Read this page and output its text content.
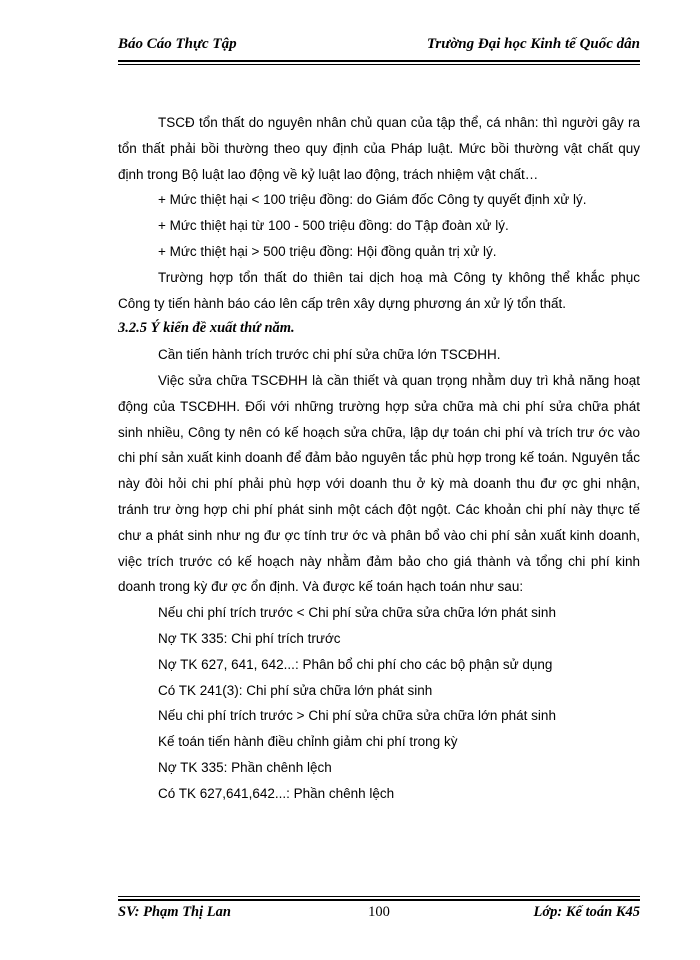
Báo Cáo Thực Tập	Trường Đại học Kinh tế Quốc dân

TSCĐ tổn thất do nguyên nhân chủ quan của tập thể, cá nhân: thì người gây ra tổn thất phải bồi thường theo quy định của Pháp luật. Mức bồi thường vật chất quy định trong Bộ luật lao động về kỷ luật lao động, trách nhiệm vật chất…

+ Mức thiệt hại < 100 triệu đồng: do Giám đốc Công ty quyết định xử lý.

+ Mức thiệt hại từ 100 - 500 triệu đồng: do Tập đoàn xử lý.

+ Mức thiệt hại > 500 triệu đồng: Hội đồng quản trị xử lý.

Trường hợp tổn thất do thiên tai dịch hoạ mà Công ty không thể khắc phục Công ty tiến hành báo cáo lên cấp trên xây dựng phương án xử lý tổn thất.

3.2.5 Ý kiến đề xuất thứ năm.

Cần tiến hành trích trước chi phí sửa chữa lớn TSCĐHH.

Việc sửa chữa TSCĐHH là cần thiết và quan trọng nhằm duy trì khả năng hoạt động của TSCĐHH. Đối với những trường hợp sửa chữa mà chi phí sửa chữa phát sinh nhiều, Công ty nên có kế hoạch sửa chữa, lập dự toán chi phí và trích trư ớc vào chi phí sản xuất kinh doanh để đảm bảo nguyên tắc phù hợp trong kế toán. Nguyên tắc này đòi hỏi chi phí phải phù hợp với doanh thu ở kỳ mà doanh thu đư ợc ghi nhận, tránh trư ờng hợp chi phí phát sinh một cách đột ngột. Các khoản chi phí này thực tế chư a phát sinh như ng đư ợc tính trư ớc và phân bổ vào chi phí sản xuất kinh doanh, việc trích trước có kế hoạch này nhằm đảm bảo cho giá thành và tổng chi phí kinh doanh trong kỳ đư ợc ổn định. Và được kế toán hạch toán như sau:

Nếu chi phí trích trước < Chi phí sửa chữa sửa chữa lớn phát sinh

Nợ TK 335: Chi phí trích trước

Nợ TK 627, 641, 642...: Phân bổ chi phí cho các bộ phận sử dụng

Có TK 241(3): Chi phí sửa chữa lớn phát sinh

Nếu chi phí trích trước > Chi phí sửa chữa sửa chữa lớn phát sinh

Kế toán tiến hành điều chỉnh giảm chi phí trong kỳ

Nợ TK 335: Phần chênh lệch

Có TK 627,641,642...: Phần chênh lệch

100
SV: Phạm Thị Lan	Lớp: Kế toán K45
